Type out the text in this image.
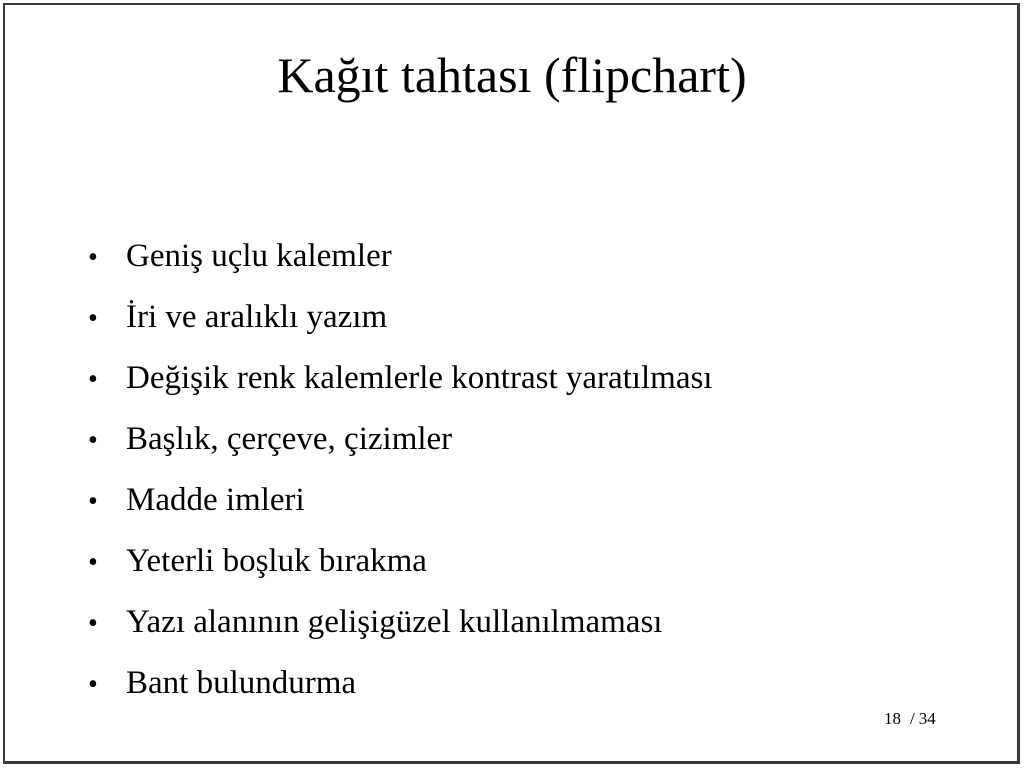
Kağıt tahtası (flipchart)
• Geniş uçlu kalemler
• İri ve aralıklı yazım
• Değişik renk kalemlerle kontrast yaratılması
• Başlık, çerçeve, çizimler
• Madde imleri
• Yeterli boşluk bırakma
• Yazı alanının gelişigüzel kullanılmaması
• Bant bulundurma
18 / 34
